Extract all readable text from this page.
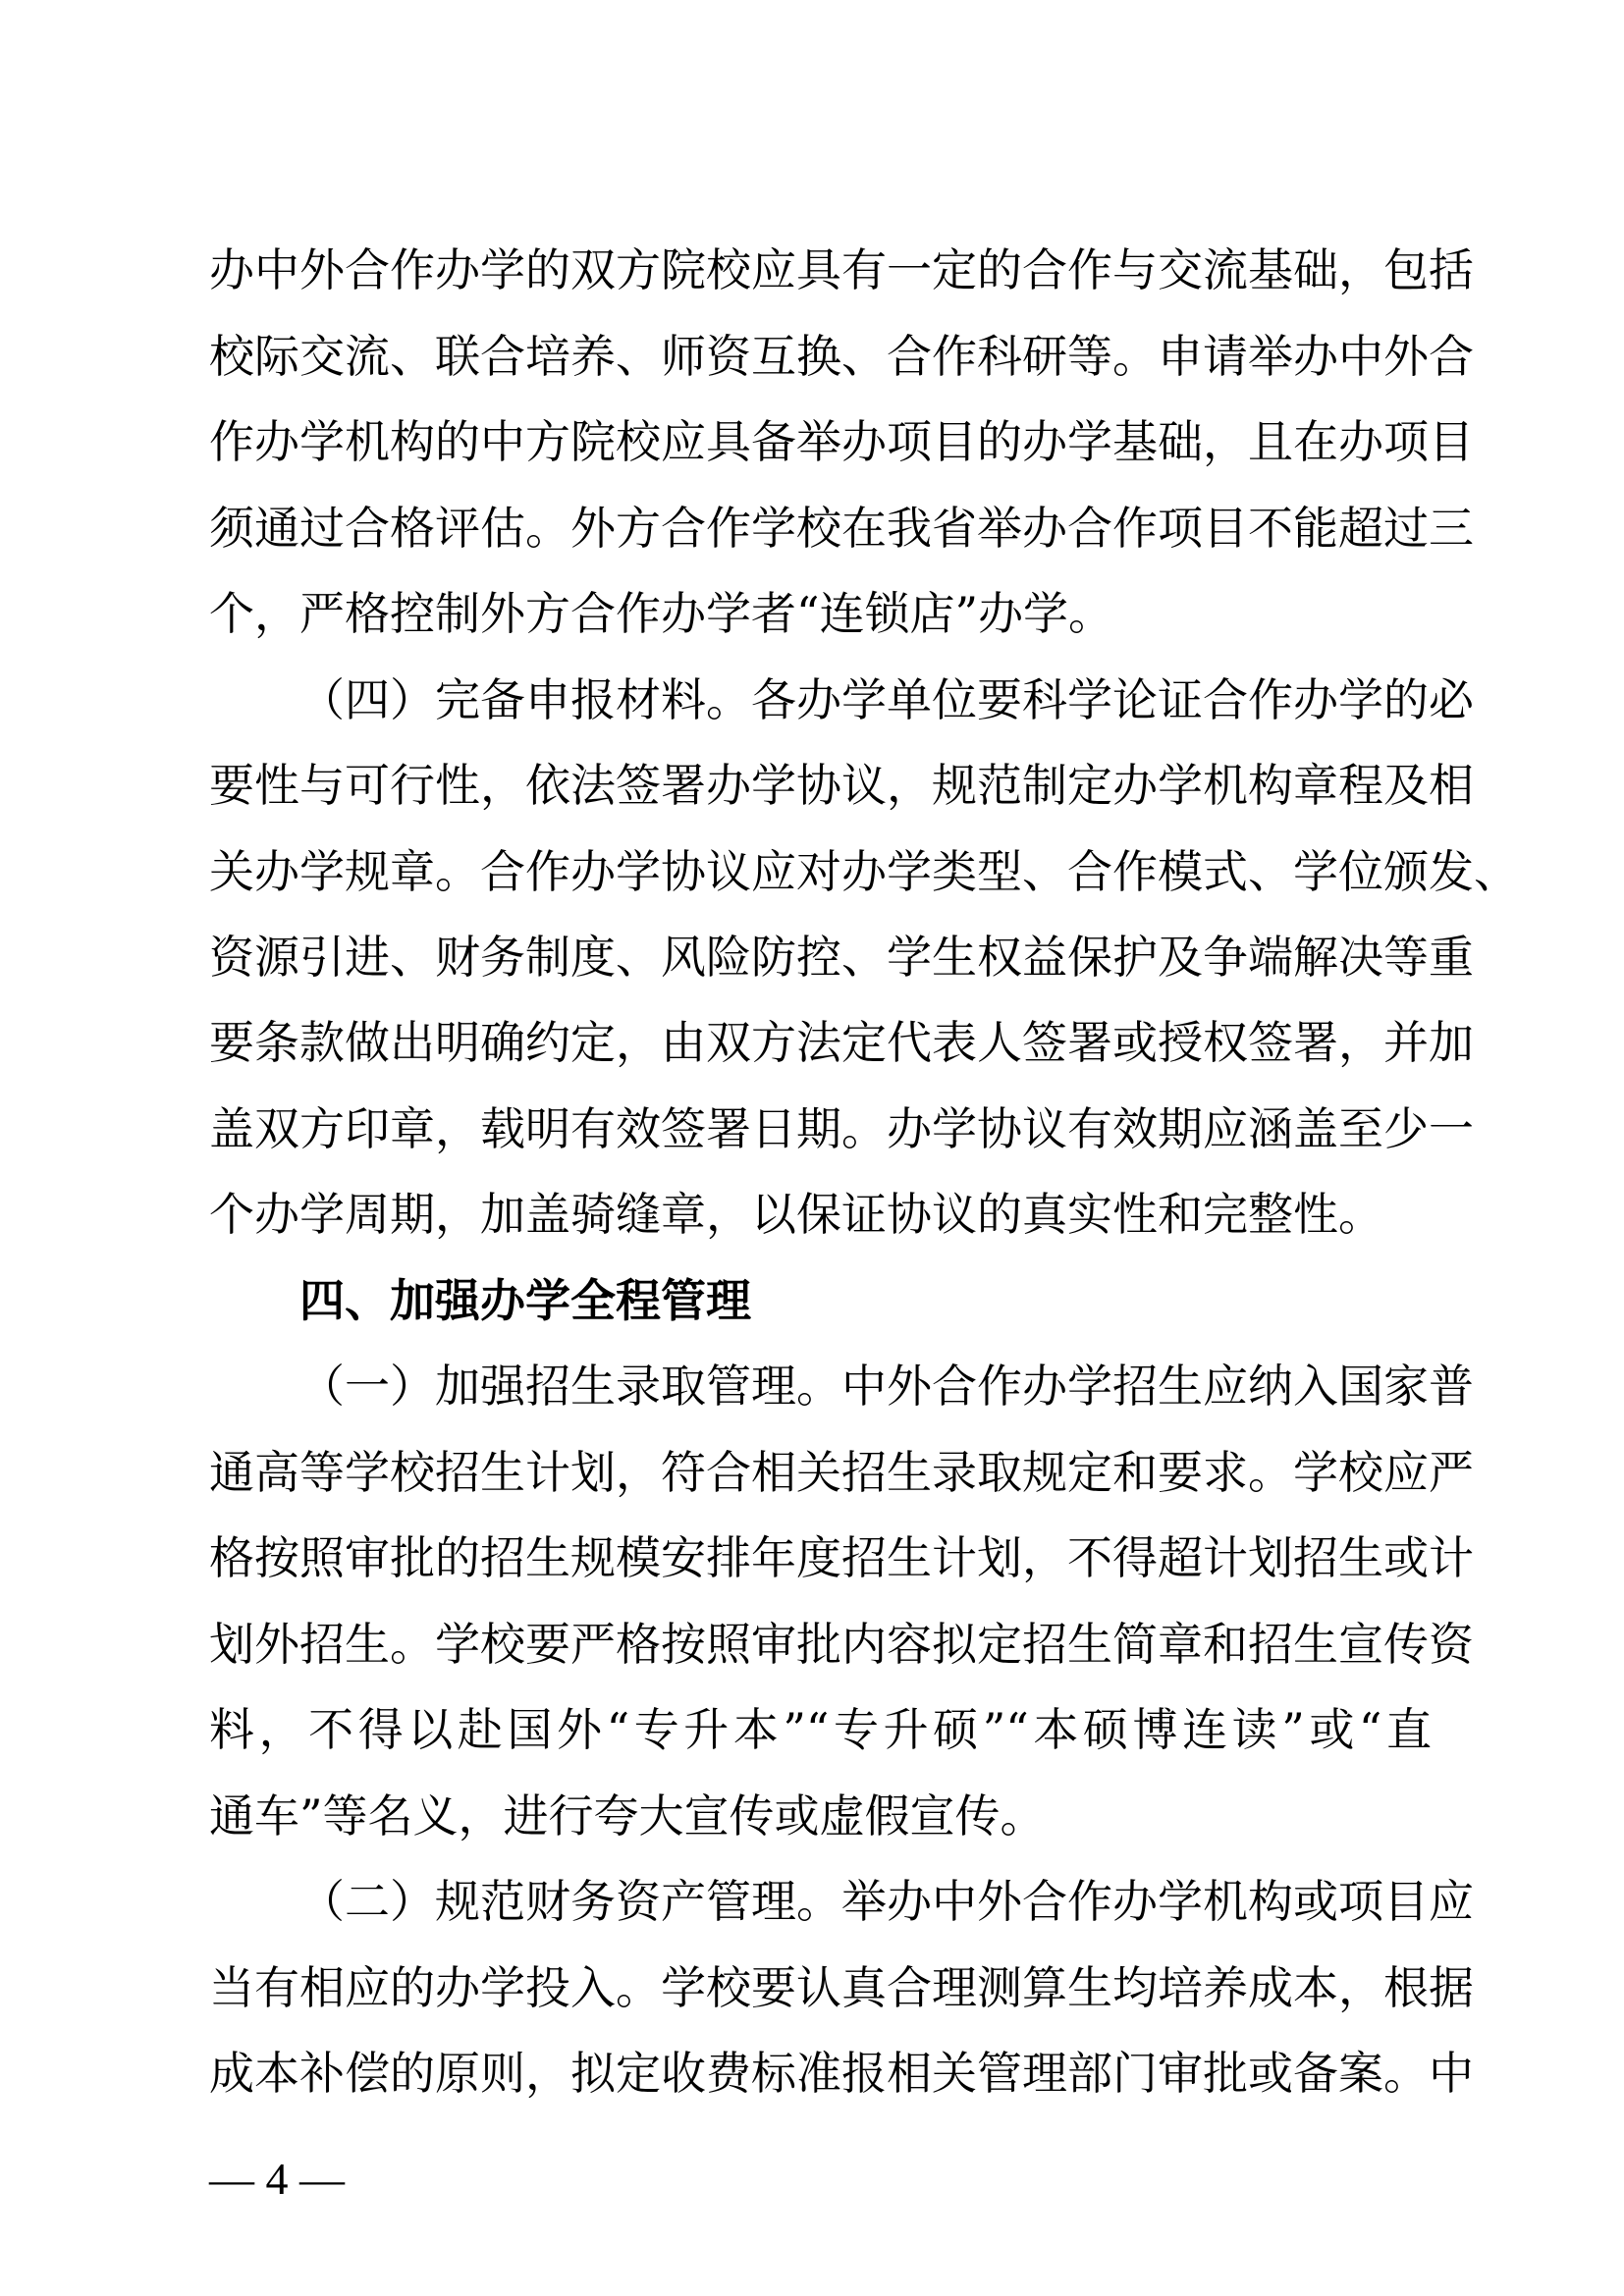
办中外合作办学的双方院校应具有一定的合作与交流基础，包括
校际交流、联合培养、师资互换、合作科研等。申请举办中外合
作办学机构的中方院校应具备举办项目的办学基础，且在办项目
须通过合格评估。外方合作学校在我省举办合作项目不能超过三
个，严格控制外方合作办学者“连锁店”办学。
（四）完备申报材料。各办学单位要科学论证合作办学的必
要性与可行性，依法签署办学协议，规范制定办学机构章程及相
关办学规章。合作办学协议应对办学类型、合作模式、学位颁发、
资源引进、财务制度、风险防控、学生权益保护及争端解决等重
要条款做出明确约定，由双方法定代表人签署或授权签署，并加
盖双方印章，载明有效签署日期。办学协议有效期应涵盖至少一
个办学周期，加盖骑缝章，以保证协议的真实性和完整性。
四、加强办学全程管理
（一）加强招生录取管理。中外合作办学招生应纳入国家普
通高等学校招生计划，符合相关招生录取规定和要求。学校应严
格按照审批的招生规模安排年度招生计划，不得超计划招生或计
划外招生。学校要严格按照审批内容拟定招生简章和招生宣传资
料，不得以赴国外“专升本”“专升硕”“本硕博连读”或“直
通车”等名义，进行夸大宣传或虚假宣传。
（二）规范财务资产管理。举办中外合作办学机构或项目应
当有相应的办学投入。学校要认真合理测算生均培养成本，根据
成本补偿的原则，拟定收费标准报相关管理部门审批或备案。中
— 4 —
